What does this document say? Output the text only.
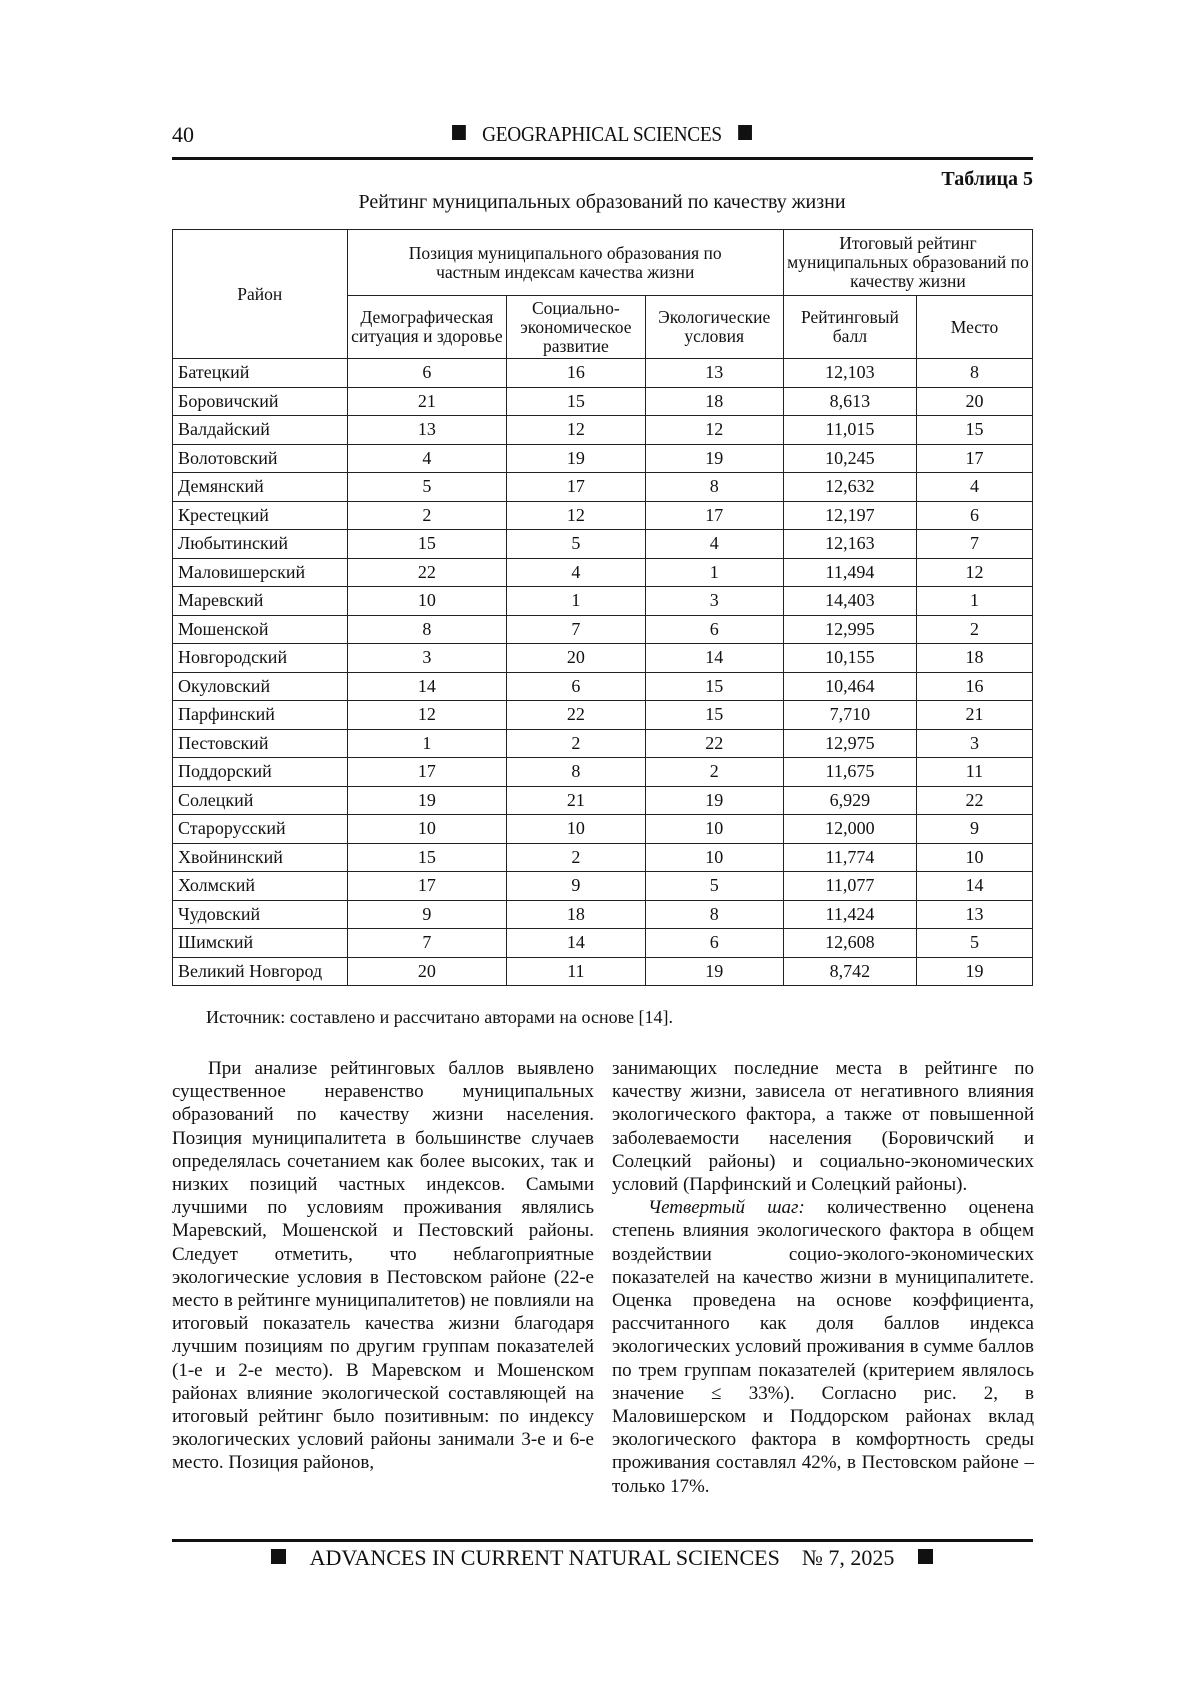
40	GEOGRAPHICAL SCIENCES
Таблица 5
Рейтинг муниципальных образований по качеству жизни
Район	Позиция муниципального образования по частным индексам качества жизни			Итоговый рейтинг муниципальных образований по качеству жизни	
	Демографическая ситуация и здоровье	Социально-экономическое развитие	Экологические условия	Рейтинговый балл	Место
Батецкий	6	16	13	12,103	8
Боровичский	21	15	18	8,613	20
Валдайский	13	12	12	11,015	15
Волотовский	4	19	19	10,245	17
Демянский	5	17	8	12,632	4
Крестецкий	2	12	17	12,197	6
Любытинский	15	5	4	12,163	7
Маловишерский	22	4	1	11,494	12
Маревский	10	1	3	14,403	1
Мошенской	8	7	6	12,995	2
Новгородский	3	20	14	10,155	18
Окуловский	14	6	15	10,464	16
Парфинский	12	22	15	7,710	21
Пестовский	1	2	22	12,975	3
Поддорский	17	8	2	11,675	11
Солецкий	19	21	19	6,929	22
Старорусский	10	10	10	12,000	9
Хвойнинский	15	2	10	11,774	10
Холмский	17	9	5	11,077	14
Чудовский	9	18	8	11,424	13
Шимский	7	14	6	12,608	5
Великий Новгород	20	11	19	8,742	19
Источник: составлено и рассчитано авторами на основе [14].

При анализе рейтинговых баллов выявлено существенное неравенство муниципальных образований по качеству жизни населения. Позиция муниципалитета в большинстве случаев определялась сочетанием как более высоких, так и низких позиций частных индексов. Самыми лучшими по условиям проживания являлись Маревский, Мошенской и Пестовский районы. Следует отметить, что неблагоприятные экологические условия в Пестовском районе (22-е место в рейтинге муниципалитетов) не повлияли на итоговый показатель качества жизни благодаря лучшим позициям по другим группам показателей (1-е и 2-е место). В Маревском и Мошенском районах влияние экологической составляющей на итоговый рейтинг было позитивным: по индексу экологических условий районы занимали 3-е и 6-е место. Позиция районов,

занимающих последние места в рейтинге по качеству жизни, зависела от негативного влияния экологического фактора, а также от повышенной заболеваемости населения (Боровичский и Солецкий районы) и социально-экономических условий (Парфинский и Солецкий районы).

Четвертый шаг: количественно оценена степень влияния экологического фактора в общем воздействии социо-эколого-экономических показателей на качество жизни в муниципалитете. Оценка проведена на основе коэффициента, рассчитанного как доля баллов индекса экологических условий проживания в сумме баллов по трем группам показателей (критерием являлось значение ≤ 33%). Согласно рис. 2, в Маловишерском и Поддорском районах вклад экологического фактора в комфортность среды проживания составлял 42%, в Пестовском районе – только 17%.

ADVANCES IN CURRENT NATURAL SCIENCES № 7, 2025
